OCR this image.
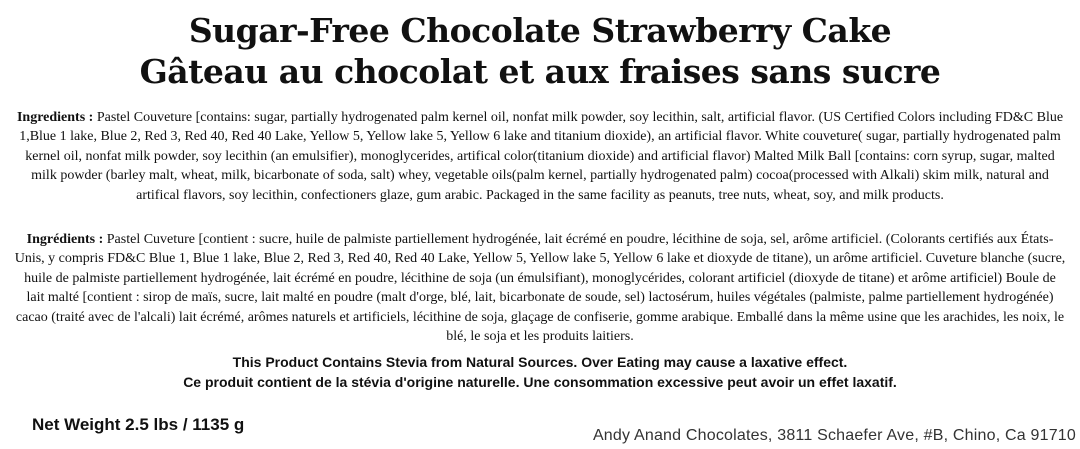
Sugar-Free Chocolate Strawberry Cake
Gâteau au chocolat et aux fraises sans sucre

Ingredients : Pastel Couveture [contains: sugar, partially hydrogenated palm kernel oil, nonfat milk powder, soy lecithin, salt, artificial flavor. (US Certified Colors including FD&C Blue 1,Blue 1 lake, Blue 2, Red 3, Red 40, Red 40 Lake, Yellow 5, Yellow lake 5, Yellow 6 lake and titanium dioxide), an artificial flavor. White couveture( sugar, partially hydrogenated palm kernel oil, nonfat milk powder, soy lecithin (an emulsifier), monoglycerides, artifical color(titanium dioxide) and artificial flavor) Malted Milk Ball [contains: corn syrup, sugar, malted milk powder (barley malt, wheat, milk, bicarbonate of soda, salt) whey, vegetable oils(palm kernel, partially hydrogenated palm) cocoa(processed with Alkali) skim milk, natural and artifical flavors, soy lecithin, confectioners glaze, gum arabic. Packaged in the same facility as peanuts, tree nuts, wheat, soy, and milk products.

Ingrédients : Pastel Cuveture [contient : sucre, huile de palmiste partiellement hydrogénée, lait écrémé en poudre, lécithine de soja, sel, arôme artificiel. (Colorants certifiés aux États-Unis, y compris FD&C Blue 1, Blue 1 lake, Blue 2, Red 3, Red 40, Red 40 Lake, Yellow 5, Yellow lake 5, Yellow 6 lake et dioxyde de titane), un arôme artificiel. Cuveture blanche (sucre, huile de palmiste partiellement hydrogénée, lait écrémé en poudre, lécithine de soja (un émulsifiant), monoglycérides, colorant artificiel (dioxyde de titane) et arôme artificiel) Boule de lait malté [contient : sirop de maïs, sucre, lait malté en poudre (malt d'orge, blé, lait, bicarbonate de soude, sel) lactosérum, huiles végétales (palmiste, palme partiellement hydrogénée) cacao (traité avec de l'alcali) lait écrémé, arômes naturels et artificiels, lécithine de soja, glaçage de confiserie, gomme arabique. Emballé dans la même usine que les arachides, les noix, le blé, le soja et les produits laitiers.

This Product Contains Stevia from Natural Sources. Over Eating may cause a laxative effect.

Ce produit contient de la stévia d'origine naturelle. Une consommation excessive peut avoir un effet laxatif.

Net Weight 2.5 lbs / 1135 g

Andy Anand Chocolates, 3811 Schaefer Ave, #B, Chino, Ca 91710
